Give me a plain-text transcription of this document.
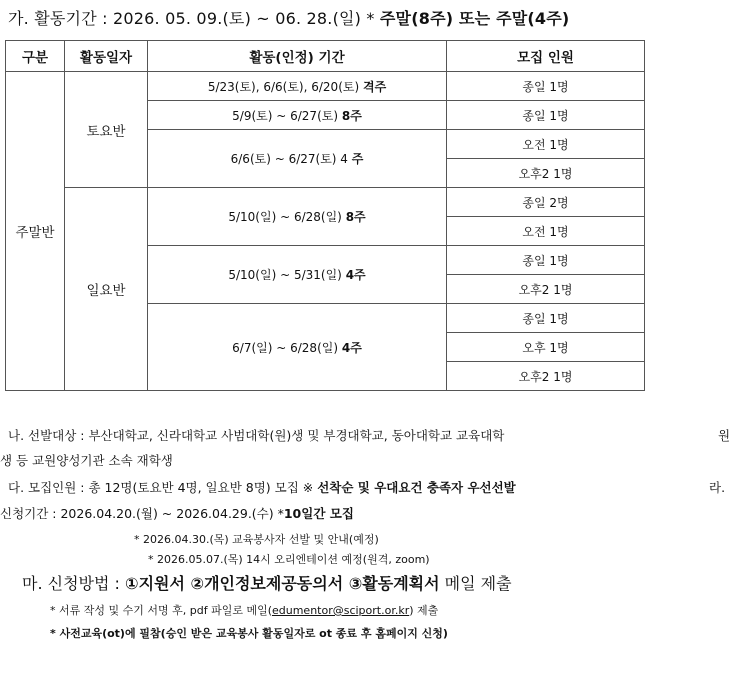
가. 활동기간 : 2026. 05. 09.(토) ~ 06. 28.(일) * 주말(8주) 또는 주말(4주)
구분	활동일자	활동(인정) 기간	모집 인원
주말반	토요반	5/23(토), 6/6(토), 6/20(토) 격주	종일 1명
		5/9(토) ~ 6/27(토) 8주	종일 1명
		6/6(토) ~ 6/27(토) 4 주	오전 1명
			오후2 1명
	일요반	5/10(일) ~ 6/28(일) 8주	종일 2명
			오전 1명
		5/10(일) ~ 5/31(일) 4주	종일 1명
			오후2 1명
		6/7(일) ~ 6/28(일) 4주	종일 1명
			오후 1명
			오후2 1명
나. 선발대상 : 부산대학교, 신라대학교 사범대학(원)생 및 부경대학교, 동아대학교 교육대학	원
생 등 교원양성기관 소속 재학생
다. 모집인원 : 총 12명(토요반 4명, 일요반 8명) 모집 ※ 선착순 및 우대요건 충족자 우선선발	라.
신청기간 : 2026.04.20.(월) ~ 2026.04.29.(수) *10일간 모집
* 2026.04.30.(목) 교육봉사자 선발 및 안내(예정)
* 2026.05.07.(목) 14시 오리엔테이션 예정(원격, zoom)
마. 신청방법 : ①지원서 ②개인정보제공동의서 ③활동계획서 메일 제출
* 서류 작성 및 수기 서명 후, pdf 파일로 메일(edumentor@sciport.or.kr) 제출
* 사전교육(ot)에 필참(승인 받은 교육봉사 활동일자로 ot 종료 후 홈페이지 신청)
